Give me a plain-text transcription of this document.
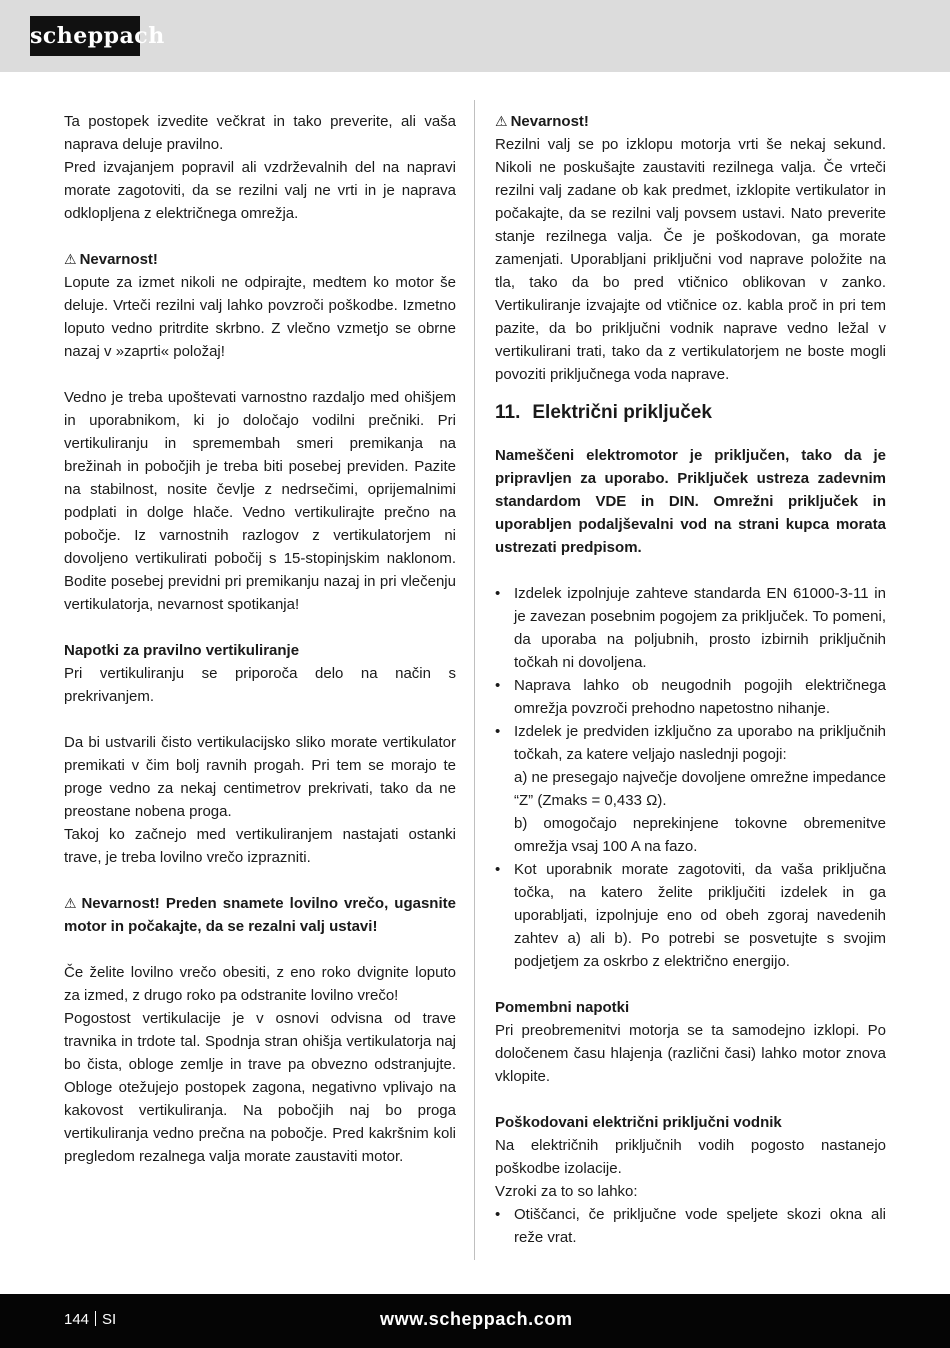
scheppach

Ta postopek izvedite večkrat in tako preverite, ali vaša naprava deluje pravilno.

Pred izvajanjem popravil ali vzdrževalnih del na napravi morate zagotoviti, da se rezilni valj ne vrti in je naprava odklopljena z električnega omrežja.

⚠ Nevarnost!

Lopute za izmet nikoli ne odpirajte, medtem ko motor še deluje. Vrteči rezilni valj lahko povzroči poškodbe. Izmetno loputo vedno pritrdite skrbno. Z vlečno vzmetjo se obrne nazaj v »zaprti« položaj!

Vedno je treba upoštevati varnostno razdaljo med ohišjem in uporabnikom, ki jo določajo vodilni prečniki. Pri vertikuliranju in spremembah smeri premikanja na brežinah in pobočjih je treba biti posebej previden. Pazite na stabilnost, nosite čevlje z nedrsečimi, oprijemalnimi podplati in dolge hlače. Vedno vertikulirajte prečno na pobočje. Iz varnostnih razlogov z vertikulatorjem ni dovoljeno vertikulirati pobočij s 15-stopinjskim naklonom. Bodite posebej previdni pri premikanju nazaj in pri vlečenju vertikulatorja, nevarnost spotikanja!

Napotki za pravilno vertikuliranje

Pri vertikuliranju se priporoča delo na način s prekrivanjem.

Da bi ustvarili čisto vertikulacijsko sliko morate vertikulator premikati v čim bolj ravnih progah. Pri tem se morajo te proge vedno za nekaj centimetrov prekrivati, tako da ne preostane nobena proga.

Takoj ko začnejo med vertikuliranjem nastajati ostanki trave, je treba lovilno vrečo izprazniti.

⚠ Nevarnost! Preden snamete lovilno vrečo, ugasnite motor in počakajte, da se rezalni valj ustavi!

Če želite lovilno vrečo obesiti, z eno roko dvignite loputo za izmed, z drugo roko pa odstranite lovilno vrečo!

Pogostost vertikulacije je v osnovi odvisna od trave travnika in trdote tal. Spodnja stran ohišja vertikulatorja naj bo čista, obloge zemlje in trave pa obvezno odstranjujte. Obloge otežujejo postopek zagona, negativno vplivajo na kakovost vertikuliranja. Na pobočjih naj bo proga vertikuliranja vedno prečna na pobočje. Pred kakršnim koli pregledom rezalnega valja morate zaustaviti motor.

⚠ Nevarnost!

Rezilni valj se po izklopu motorja vrti še nekaj sekund. Nikoli ne poskušajte zaustaviti rezilnega valja. Če vrteči rezilni valj zadane ob kak predmet, izklopite vertikulator in počakajte, da se rezilni valj povsem ustavi. Nato preverite stanje rezilnega valja. Če je poškodovan, ga morate zamenjati. Uporabljani priključni vod naprave položite na tla, tako da bo pred vtičnico oblikovan v zanko. Vertikuliranje izvajajte od vtičnice oz. kabla proč in pri tem pazite, da bo priključni vodnik naprave vedno ležal v vertikulirani trati, tako da z vertikulatorjem ne boste mogli povoziti priključnega voda naprave.

11. Električni priključek

Nameščeni elektromotor je priključen, tako da je pripravljen za uporabo. Priključek ustreza zadevnim standardom VDE in DIN. Omrežni priključek in uporabljen podaljševalni vod na strani kupca morata ustrezati predpisom.

• Izdelek izpolnjuje zahteve standarda EN 61000-3-11 in je zavezan posebnim pogojem za priključek. To pomeni, da uporaba na poljubnih, prosto izbirnih priključnih točkah ni dovoljena.
• Naprava lahko ob neugodnih pogojih električnega omrežja povzroči prehodno napetostno nihanje.
• Izdelek je predviden izključno za uporabo na priključnih točkah, za katere veljajo naslednji pogoji:
a) ne presegajo največje dovoljene omrežne impedance “Z” (Zmaks = 0,433 Ω).
b) omogočajo neprekinjene tokovne obremenitve omrežja vsaj 100 A na fazo.
• Kot uporabnik morate zagotoviti, da vaša priključna točka, na katero želite priključiti izdelek in ga uporabljati, izpolnjuje eno od obeh zgoraj navedenih zahtev a) ali b). Po potrebi se posvetujte s svojim podjetjem za oskrbo z električno energijo.

Pomembni napotki

Pri preobremenitvi motorja se ta samodejno izklopi. Po določenem času hlajenja (različni časi) lahko motor znova vklopite.

Poškodovani električni priključni vodnik

Na električnih priključnih vodih pogosto nastanejo poškodbe izolacije.

Vzroki za to so lahko:

• Otiščanci, če priključne vode speljete skozi okna ali reže vrat.
144 SI	www.scheppach.com
